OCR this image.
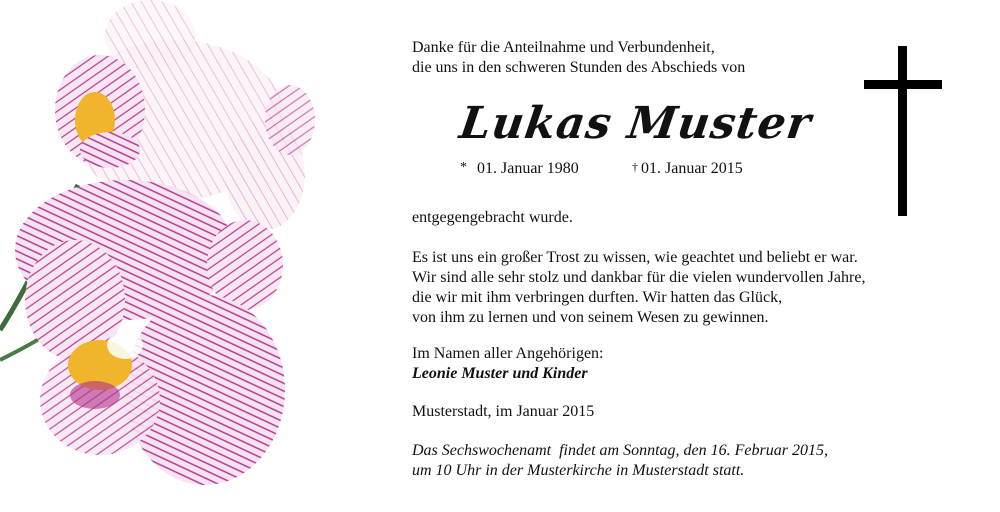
Danke für die Anteilnahme und Verbundenheit,
die uns in den schweren Stunden des Abschieds von

Lukas Muster
* 01. Januar 1980	† 01. Januar 2015

entgegengebracht wurde.

Es ist uns ein großer Trost zu wissen, wie geachtet und beliebt er war.
Wir sind alle sehr stolz und dankbar für die vielen wundervollen Jahre,
die wir mit ihm verbringen durften. Wir hatten das Glück,
von ihm zu lernen und von seinem Wesen zu gewinnen.

Im Namen aller Angehörigen:
Leonie Muster und Kinder

Musterstadt, im Januar 2015

Das Sechswochenamt  findet am Sonntag, den 16. Februar 2015,
um 10 Uhr in der Musterkirche in Musterstadt statt.
